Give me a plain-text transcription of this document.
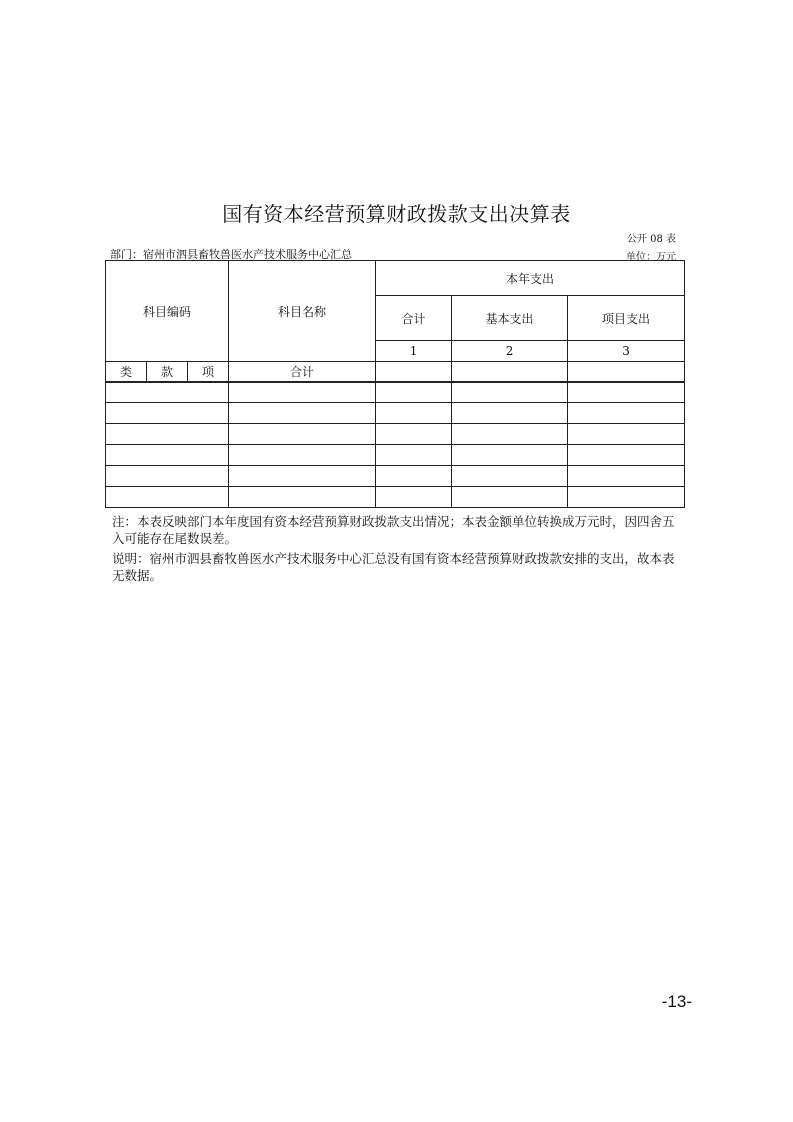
国有资本经营预算财政拨款支出决算表
公开 08 表
部门：宿州市泗县畜牧兽医水产技术服务中心汇总	单位：万元
科目编码			科目名称	本年支出		
				合计	基本支出	项目支出
				1	2	3
类	款	项	合计			

注：本表反映部门本年度国有资本经营预算财政拨款支出情况；本表金额单位转换成万元时，因四舍五入可能存在尾数误差。

说明：宿州市泗县畜牧兽医水产技术服务中心汇总没有国有资本经营预算财政拨款安排的支出，故本表无数据。

-13-
